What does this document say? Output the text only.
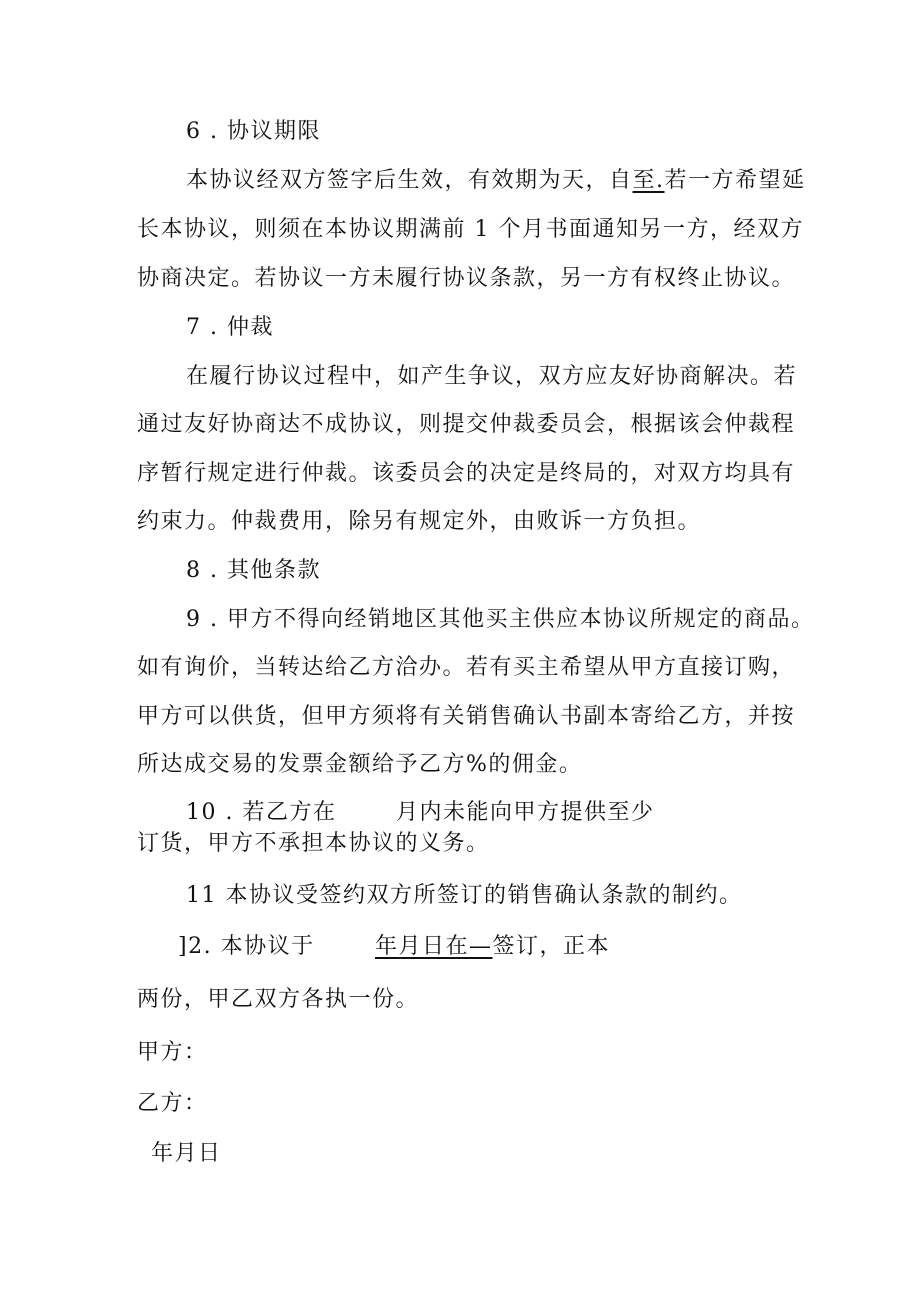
6 . 协议期限
本协议经双方签字后生效，有效期为天，自至.若一方希望延
长本协议，则须在本协议期满前 1 个月书面通知另一方，经双方
协商决定。若协议一方未履行协议条款，另一方有权终止协议。
7 . 仲裁
在履行协议过程中，如产生争议，双方应友好协商解决。若
通过友好协商达不成协议，则提交仲裁委员会，根据该会仲裁程
序暂行规定进行仲裁。该委员会的决定是终局的，对双方均具有
约束力。仲裁费用，除另有规定外，由败诉一方负担。
8 . 其他条款
9 . 甲方不得向经销地区其他买主供应本协议所规定的商品。
如有询价，当转达给乙方洽办。若有买主希望从甲方直接订购，
甲方可以供货，但甲方须将有关销售确认书副本寄给乙方，并按
所达成交易的发票金额给予乙方%的佣金。
10 . 若乙方在	月内未能向甲方提供至少
订货，甲方不承担本协议的义务。
11 本协议受签约双方所签订的销售确认条款的制约。
]2. 本协议于	年月日在—签订，正本
两份，甲乙双方各执一份。
甲方：
乙方：
年月日
